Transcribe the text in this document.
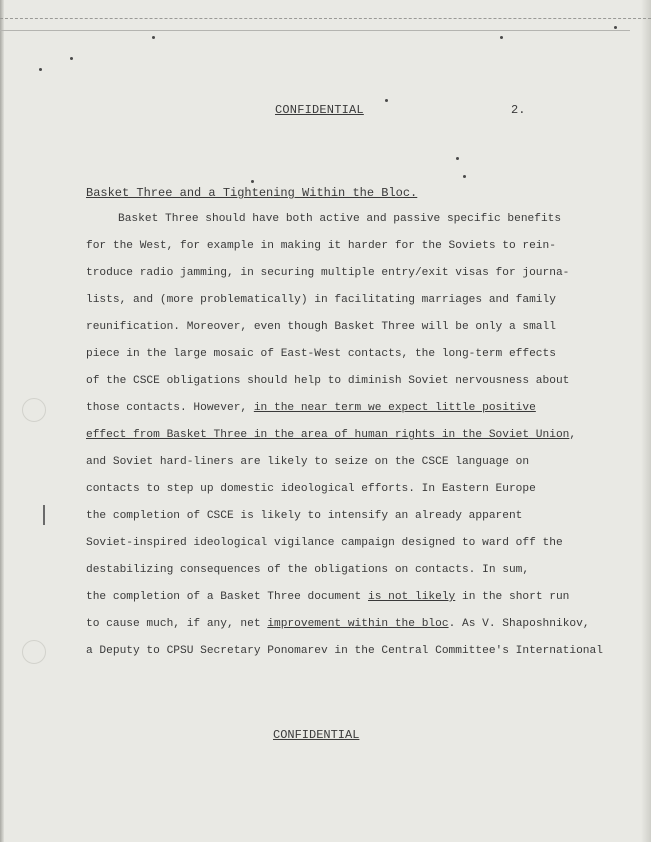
CONFIDENTIAL	2.
Basket Three and a Tightening Within the Bloc.
Basket Three should have both active and passive specific benefits
for the West, for example in making it harder for the Soviets to rein-
troduce radio jamming, in securing multiple entry/exit visas for journa-
lists, and (more problematically) in facilitating marriages and family
reunification. Moreover, even though Basket Three will be only a small
piece in the large mosaic of East-West contacts, the long-term effects
of the CSCE obligations should help to diminish Soviet nervousness about
those contacts. However, in the near term we expect little positive
effect from Basket Three in the area of human rights in the Soviet Union,
and Soviet hard-liners are likely to seize on the CSCE language on
contacts to step up domestic ideological efforts. In Eastern Europe
the completion of CSCE is likely to intensify an already apparent
Soviet-inspired ideological vigilance campaign designed to ward off the
destabilizing consequences of the obligations on contacts. In sum,
the completion of a Basket Three document is not likely in the short run
to cause much, if any, net improvement within the bloc. As V. Shaposhnikov,
a Deputy to CPSU Secretary Ponomarev in the Central Committee's International
CONFIDENTIAL
